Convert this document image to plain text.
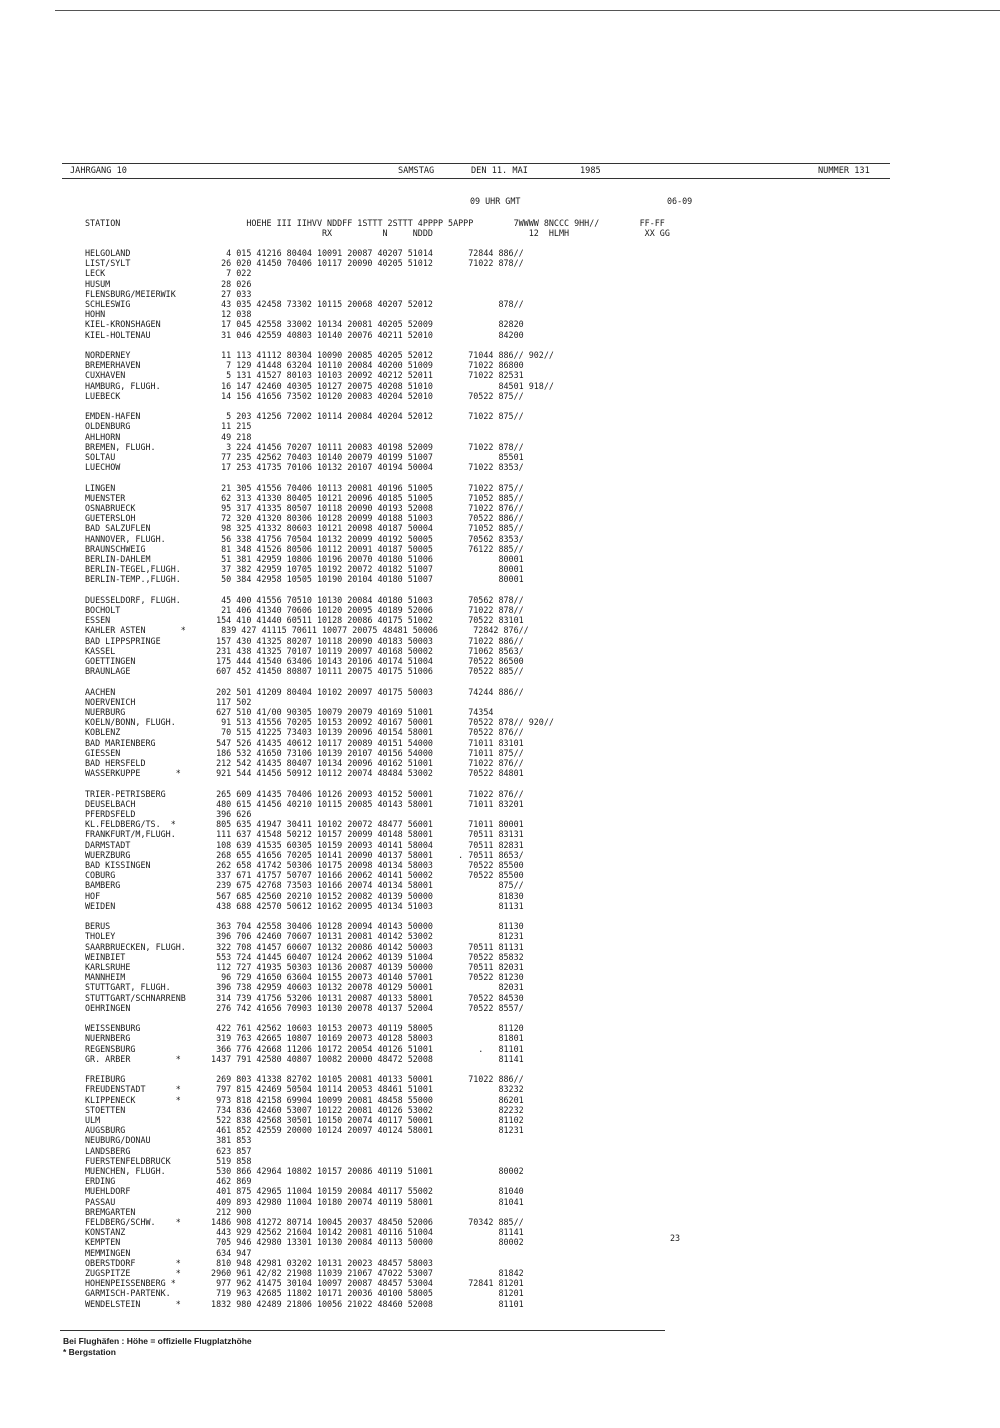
JAHRGANG 10	SAMSTAG	DEN 11. MAI	1985	NUMMER 131
09 UHR GMT	06-09
STATION                         HOEHE III IIHVV NDDFF 1STTT 2STTT 4PPPP 5APPP        7WWWW 8NCCC 9HH//        FF-FF
RX          N     NDDD                   12  HLMH               XX GG
HELGOLAND                   4 015 41216 80404 10091 20087 40207 51014       72844 886//
LIST/SYLT                  26 020 41450 70406 10117 20090 40205 51012       71022 878//
LECK                        7 022
HUSUM                      28 026
FLENSBURG/MEIERWIK         27 033
SCHLESWIG                  43 035 42458 73302 10115 20068 40207 52012             878//
HOHN                       12 038
KIEL-KRONSHAGEN            17 045 42558 33002 10134 20081 40205 52009             82820
KIEL-HOLTENAU              31 046 42559 40803 10140 20076 40211 52010             84200
NORDERNEY                  11 113 41112 80304 10090 20085 40205 52012       71044 886// 902//
BREMERHAVEN                 7 129 41448 63204 10110 20084 40200 51009       71022 86800
CUXHAVEN                    5 131 41527 80103 10103 20092 40212 52011       71022 82531
HAMBURG, FLUGH.            16 147 42460 40305 10127 20075 40208 51010             84501 918//
LUEBECK                    14 156 41656 73502 10120 20083 40204 52010       70522 875//
EMDEN-HAFEN                 5 203 41256 72002 10114 20084 40204 52012       71022 875//
OLDENBURG                  11 215
AHLHORN                    49 218
BREMEN, FLUGH.              3 224 41456 70207 10111 20083 40198 52009       71022 878//
SOLTAU                     77 235 42562 70403 10140 20079 40199 51007             85501
LUECHOW                    17 253 41735 70106 10132 20107 40194 50004       71022 8353/
LINGEN                     21 305 41556 70406 10113 20081 40196 51005       71022 875//
MUENSTER                   62 313 41330 80405 10121 20096 40185 51005       71052 885//
OSNABRUECK                 95 317 41335 80507 10118 20090 40193 52008       71022 876//
GUETERSLOH                 72 320 41320 80306 10128 20099 40188 51003       70522 886//
BAD SALZUFLEN              98 325 41332 80603 10121 20098 40187 50004       71052 885//
HANNOVER, FLUGH.           56 338 41756 70504 10132 20099 40192 50005       70562 8353/
BRAUNSCHWEIG               81 348 41526 80506 10112 20091 40187 50005       76122 885//
BERLIN-DAHLEM              51 381 42959 10806 10196 20070 40180 51006             80001
BERLIN-TEGEL,FLUGH.        37 382 42959 10705 10192 20072 40182 51007             80001
BERLIN-TEMP.,FLUGH.        50 384 42958 10505 10190 20104 40180 51007             80001
DUESSELDORF, FLUGH.        45 400 41556 70510 10130 20084 40180 51003       70562 878//
BOCHOLT                    21 406 41340 70606 10120 20095 40189 52006       71022 878//
ESSEN                     154 410 41440 60511 10128 20086 40175 51002       70522 83101
KAHLER ASTEN       *       839 427 41115 70611 10077 20075 48481 50006       72842 876//
BAD LIPPSPRINGE           157 430 41325 80207 10118 20090 40183 50003       71022 886//
KASSEL                    231 438 41325 70107 10119 20097 40168 50002       71062 8563/
GOETTINGEN                175 444 41540 63406 10143 20106 40174 51004       70522 86500
BRAUNLAGE                 607 452 41450 80807 10111 20075 40175 51006       70522 885//
AACHEN                    202 501 41209 80404 10102 20097 40175 50003       74244 886//
NOERVENICH                117 502
NUERBURG                  627 510 41/00 90305 10079 20079 40169 51001       74354
KOELN/BONN, FLUGH.         91 513 41556 70205 10153 20092 40167 50001       70522 878// 920//
KOBLENZ                    70 515 41225 73403 10139 20096 40154 58001       70522 876//
BAD MARIENBERG            547 526 41435 40612 10117 20089 40151 54000       71011 83101
GIESSEN                   186 532 41650 73106 10139 20107 40156 54000       71011 875//
BAD HERSFELD              212 542 41435 80407 10134 20096 40162 51001       71022 876//
WASSERKUPPE       *       921 544 41456 50912 10112 20074 48484 53002       70522 84801
TRIER-PETRISBERG          265 609 41435 70406 10126 20093 40152 50001       71022 876//
DEUSELBACH                480 615 41456 40210 10115 20085 40143 58001       71011 83201
PFERDSFELD                396 626
KL.FELDBERG/TS.  *        805 635 41947 30411 10102 20072 48477 56001       71011 80001
FRANKFURT/M,FLUGH.        111 637 41548 50212 10157 20099 40148 58001       70511 83131
DARMSTADT                 108 639 41535 60305 10159 20093 40141 58004       70511 82831
WUERZBURG                 268 655 41656 70205 10141 20090 40137 58001     . 70511 8653/
BAD KISSINGEN             262 658 41742 50306 10175 20098 40134 58003       70522 85500
COBURG                    337 671 41757 50707 10166 20062 40141 50002       70522 85500
BAMBERG                   239 675 42768 73503 10166 20074 40134 58001             875//
HOF                       567 685 42560 20210 10152 20082 40139 50000             81830
WEIDEN                    438 688 42570 50612 10162 20095 40134 51003             81131
BERUS                     363 704 42558 30406 10128 20094 40143 50000             81130
THOLEY                    396 706 42460 70607 10131 20081 40142 53002             81231
SAARBRUECKEN, FLUGH.      322 708 41457 60607 10132 20086 40142 50003       70511 81131
WEINBIET                  553 724 41445 60407 10124 20062 40139 51004       70522 85832
KARLSRUHE                 112 727 41935 50303 10136 20087 40139 50000       70511 82031
MANNHEIM                   96 729 41650 63604 10155 20073 40140 57001       70522 81230
STUTTGART, FLUGH.         396 738 42959 40603 10132 20078 40129 50001             82031
STUTTGART/SCHNARRENB      314 739 41756 53206 10131 20087 40133 58001       70522 84530
OEHRINGEN                 276 742 41656 70903 10130 20078 40137 52004       70522 8557/
WEISSENBURG               422 761 42562 10603 10153 20073 40119 58005             81120
NUERNBERG                 319 763 42665 10807 10169 20073 40128 58003             81801
REGENSBURG                366 776 42668 11206 10172 20054 40126 51001         .   81101
GR. ARBER         *      1437 791 42580 40807 10082 20000 48472 52008             81141
FREIBURG                  269 803 41338 82702 10105 20081 40133 50001       71022 886//
FREUDENSTADT      *       797 815 42469 50504 10114 20053 48461 51001             83232
KLIPPENECK        *       973 818 42158 69904 10099 20081 48458 55000             86201
STOETTEN                  734 836 42460 53007 10122 20081 40126 53002             82232
ULM                       522 838 42568 30501 10150 20074 40117 50001             81102
AUGSBURG                  461 852 42559 20000 10124 20097 40124 58001             81231
NEUBURG/DONAU             381 853
LANDSBERG                 623 857
FUERSTENFELDBRUCK         519 858
MUENCHEN, FLUGH.          530 866 42964 10802 10157 20086 40119 51001             80002
ERDING                    462 869
MUEHLDORF                 401 875 42965 11004 10159 20084 40117 55002             81040
PASSAU                    409 893 42980 11004 10180 20074 40119 58001             81041
BREMGARTEN                212 900
FELDBERG/SCHW.    *      1486 908 41272 80714 10045 20037 48450 52006       70342 885//
KONSTANZ                  443 929 42562 21604 10142 20081 40116 51004             81141
KEMPTEN                   705 946 42980 13301 10130 20084 40113 50000             80002
MEMMINGEN                 634 947
OBERSTDORF        *       810 948 42981 03202 10131 20023 48457 58003
ZUGSPITZE         *      2960 961 42/82 21908 11039 21067 47022 53007             81842
HOHENPEISSENBERG *        977 962 41475 30104 10097 20087 48457 53004       72841 81201
GARMISCH-PARTENK.         719 963 42685 11802 10171 20036 40100 58005             81201
WENDELSTEIN       *      1832 980 42489 21806 10056 21022 48460 52008             81101
23
Bei Flughäfen : Höhe = offizielle Flugplatzhöhe
* Bergstation
